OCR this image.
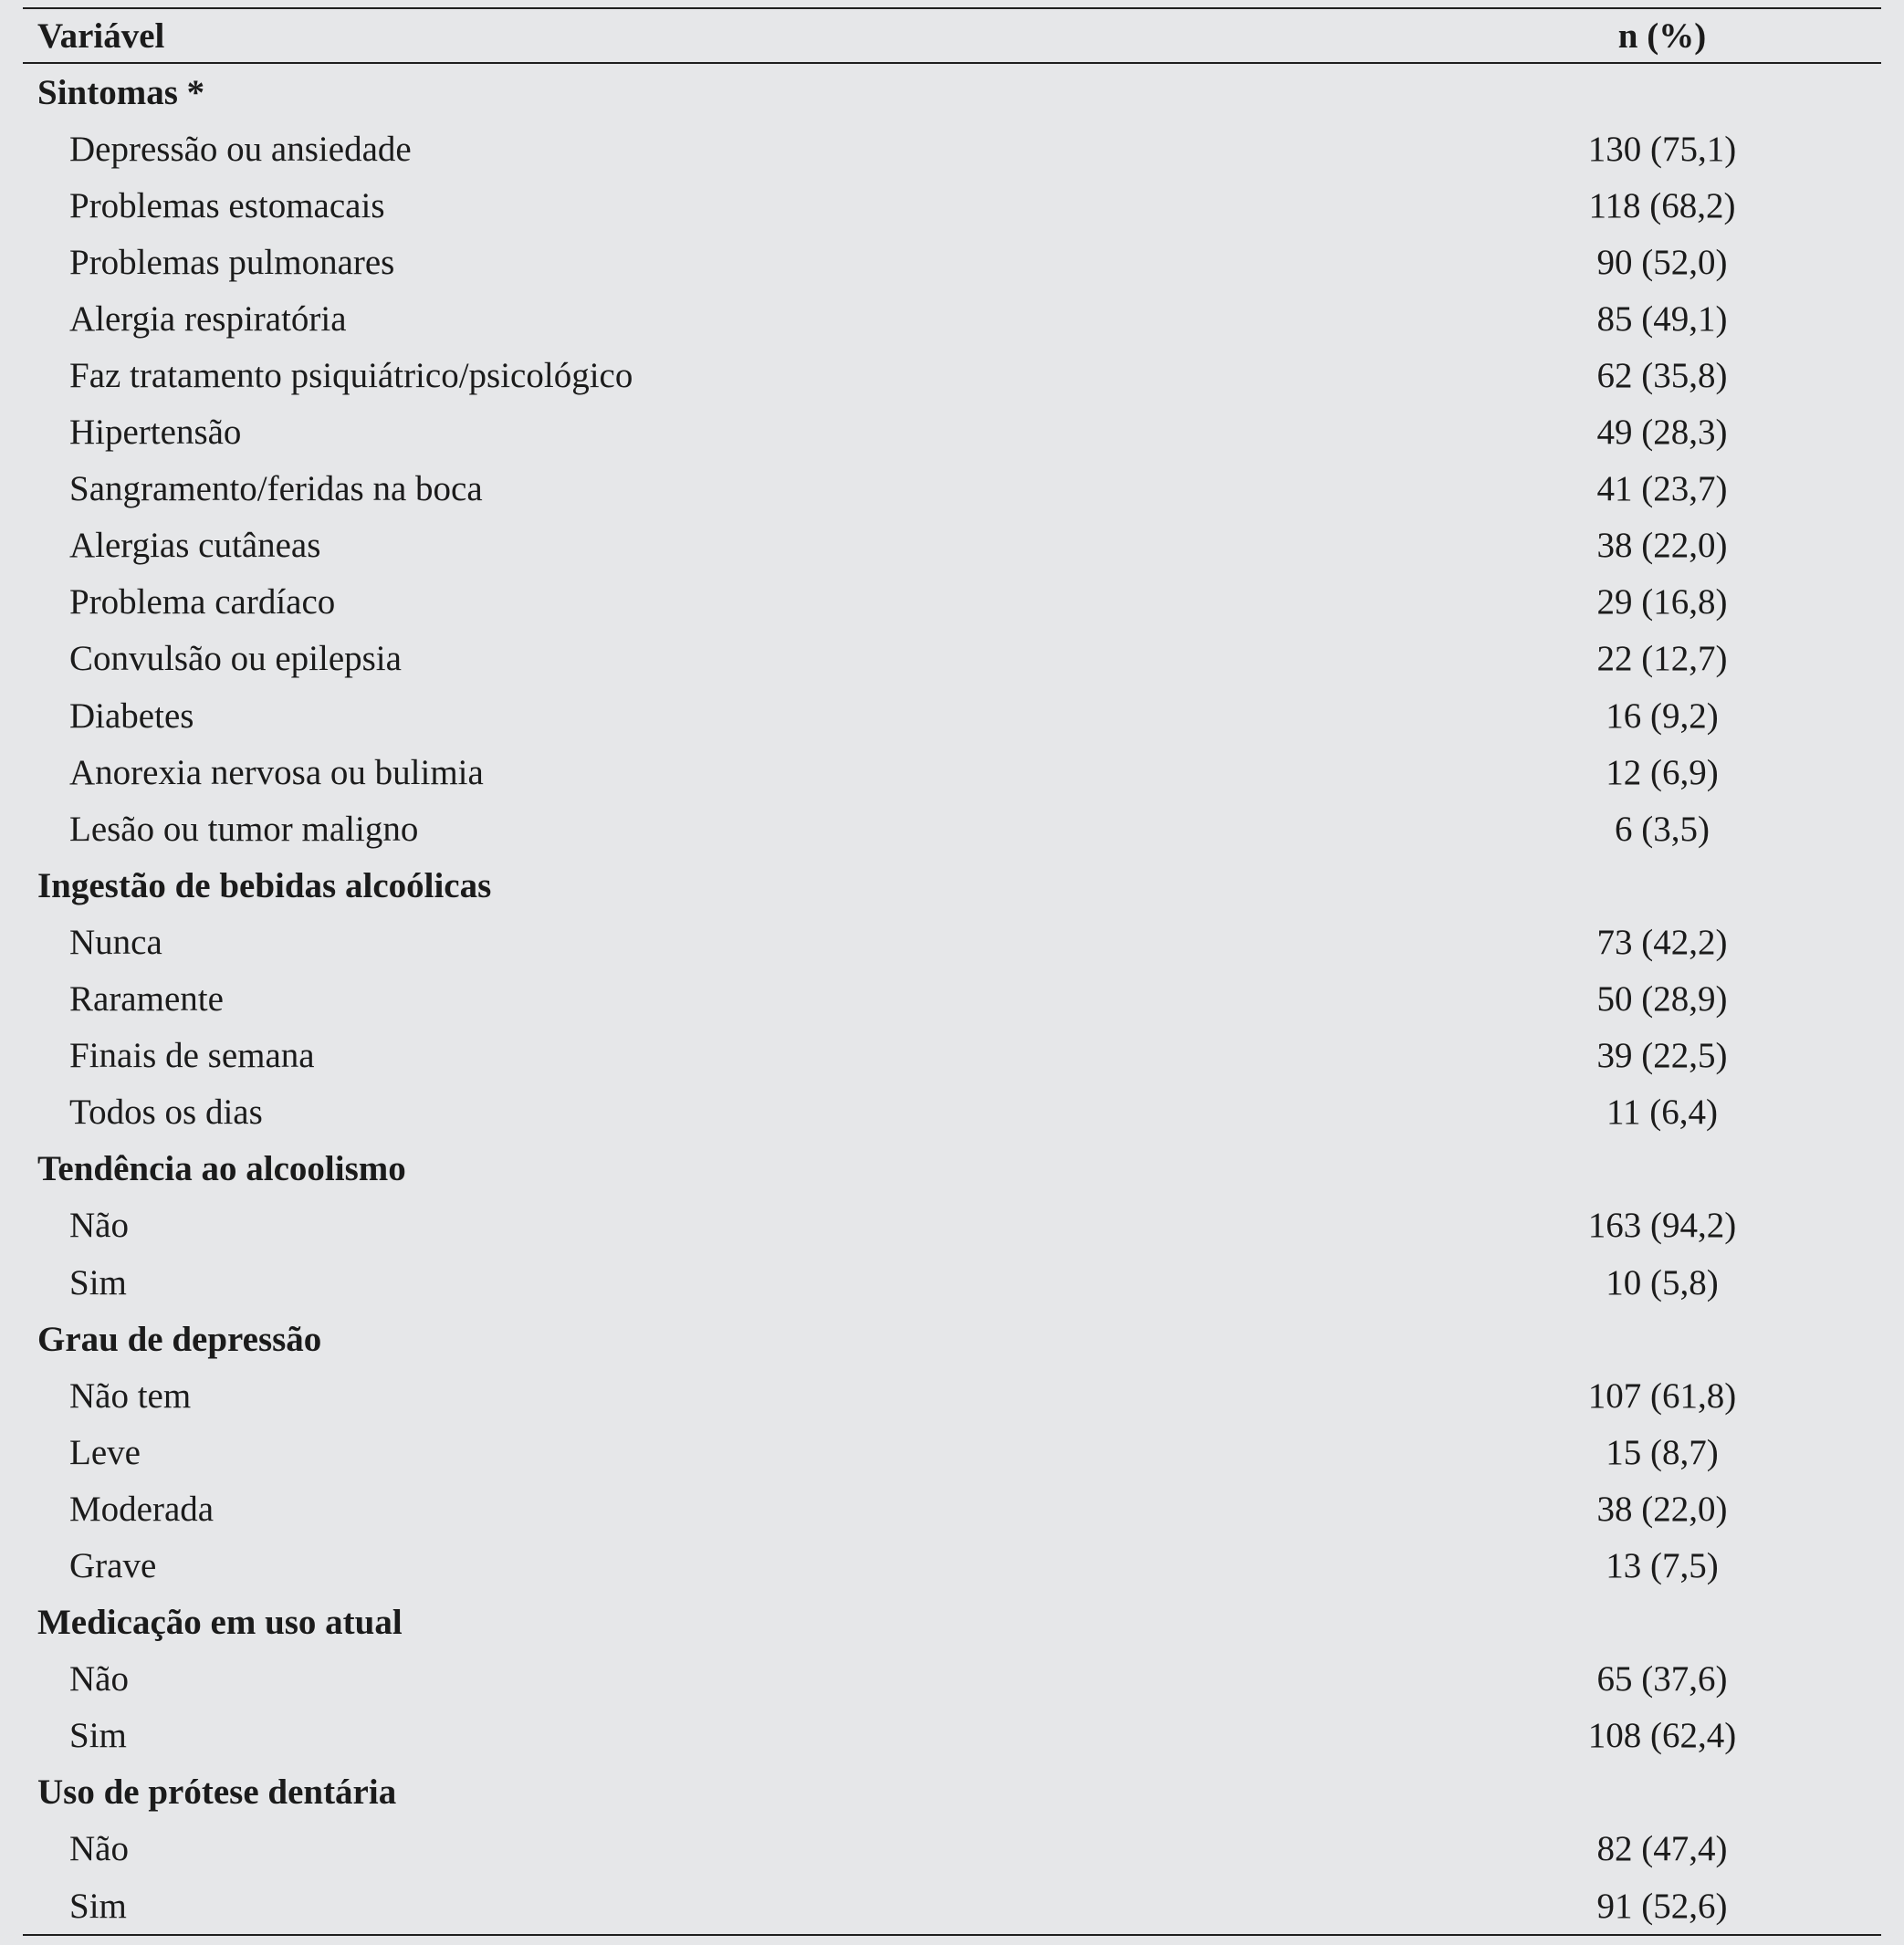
Variável	n (%)
Sintomas *
Depressão ou ansiedade	130 (75,1)
Problemas estomacais	118 (68,2)
Problemas pulmonares	90 (52,0)
Alergia respiratória	85 (49,1)
Faz tratamento psiquiátrico/psicológico	62 (35,8)
Hipertensão	49 (28,3)
Sangramento/feridas na boca	41 (23,7)
Alergias cutâneas	38 (22,0)
Problema cardíaco	29 (16,8)
Convulsão ou epilepsia	22 (12,7)
Diabetes	16 (9,2)
Anorexia nervosa ou bulimia	12 (6,9)
Lesão ou tumor maligno	6 (3,5)
Ingestão de bebidas alcoólicas
Nunca	73 (42,2)
Raramente	50 (28,9)
Finais de semana	39 (22,5)
Todos os dias	11 (6,4)
Tendência ao alcoolismo
Não	163 (94,2)
Sim	10 (5,8)
Grau de depressão
Não tem	107 (61,8)
Leve	15 (8,7)
Moderada	38 (22,0)
Grave	13 (7,5)
Medicação em uso atual
Não	65 (37,6)
Sim	108 (62,4)
Uso de prótese dentária
Não	82 (47,4)
Sim	91 (52,6)
